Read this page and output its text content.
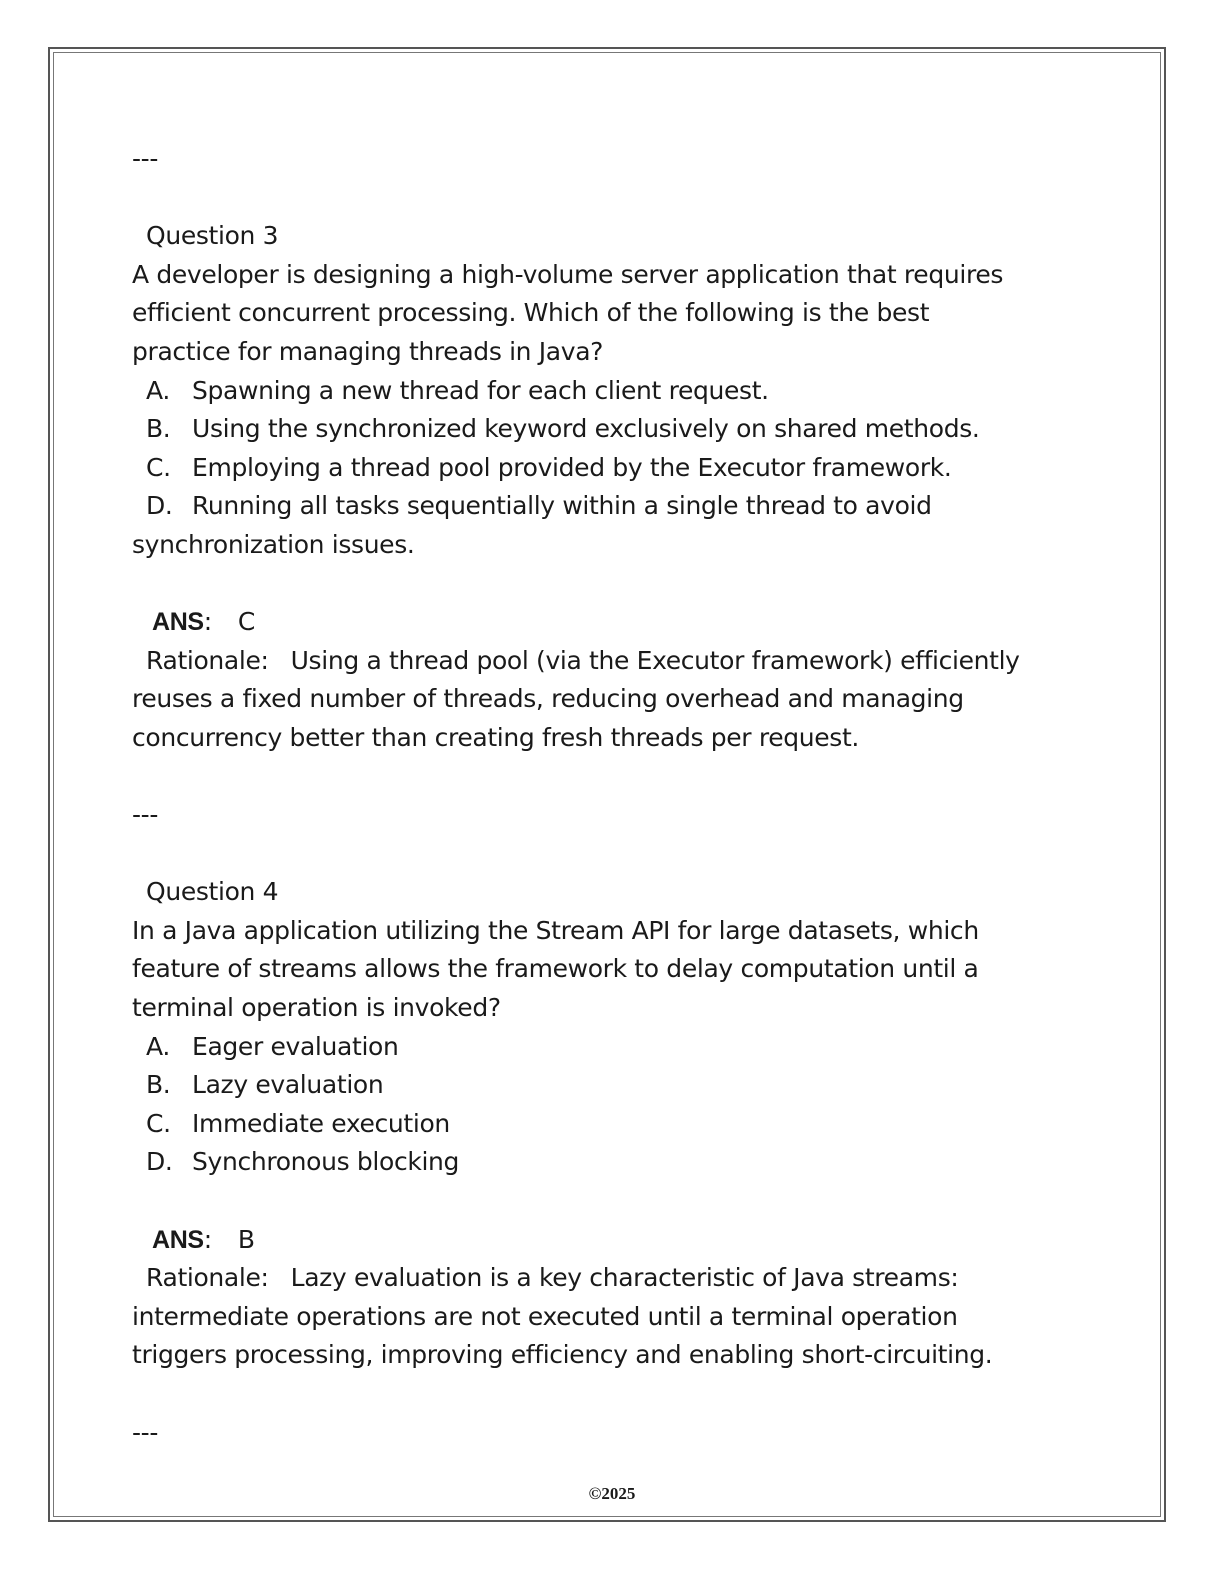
---
Question 3
A developer is designing a high-volume server application that requires
efficient concurrent processing. Which of the following is the best
practice for managing threads in Java?
A. Spawning a new thread for each client request.
B. Using the synchronized keyword exclusively on shared methods.
C. Employing a thread pool provided by the Executor framework.
D. Running all tasks sequentially within a single thread to avoid
synchronization issues.
ANS: C
Rationale: Using a thread pool (via the Executor framework) efficiently
reuses a fixed number of threads, reducing overhead and managing
concurrency better than creating fresh threads per request.
---
Question 4
In a Java application utilizing the Stream API for large datasets, which
feature of streams allows the framework to delay computation until a
terminal operation is invoked?
A. Eager evaluation
B. Lazy evaluation
C. Immediate execution
D. Synchronous blocking
ANS: B
Rationale: Lazy evaluation is a key characteristic of Java streams:
intermediate operations are not executed until a terminal operation
triggers processing, improving efficiency and enabling short-circuiting.
---
©2025
